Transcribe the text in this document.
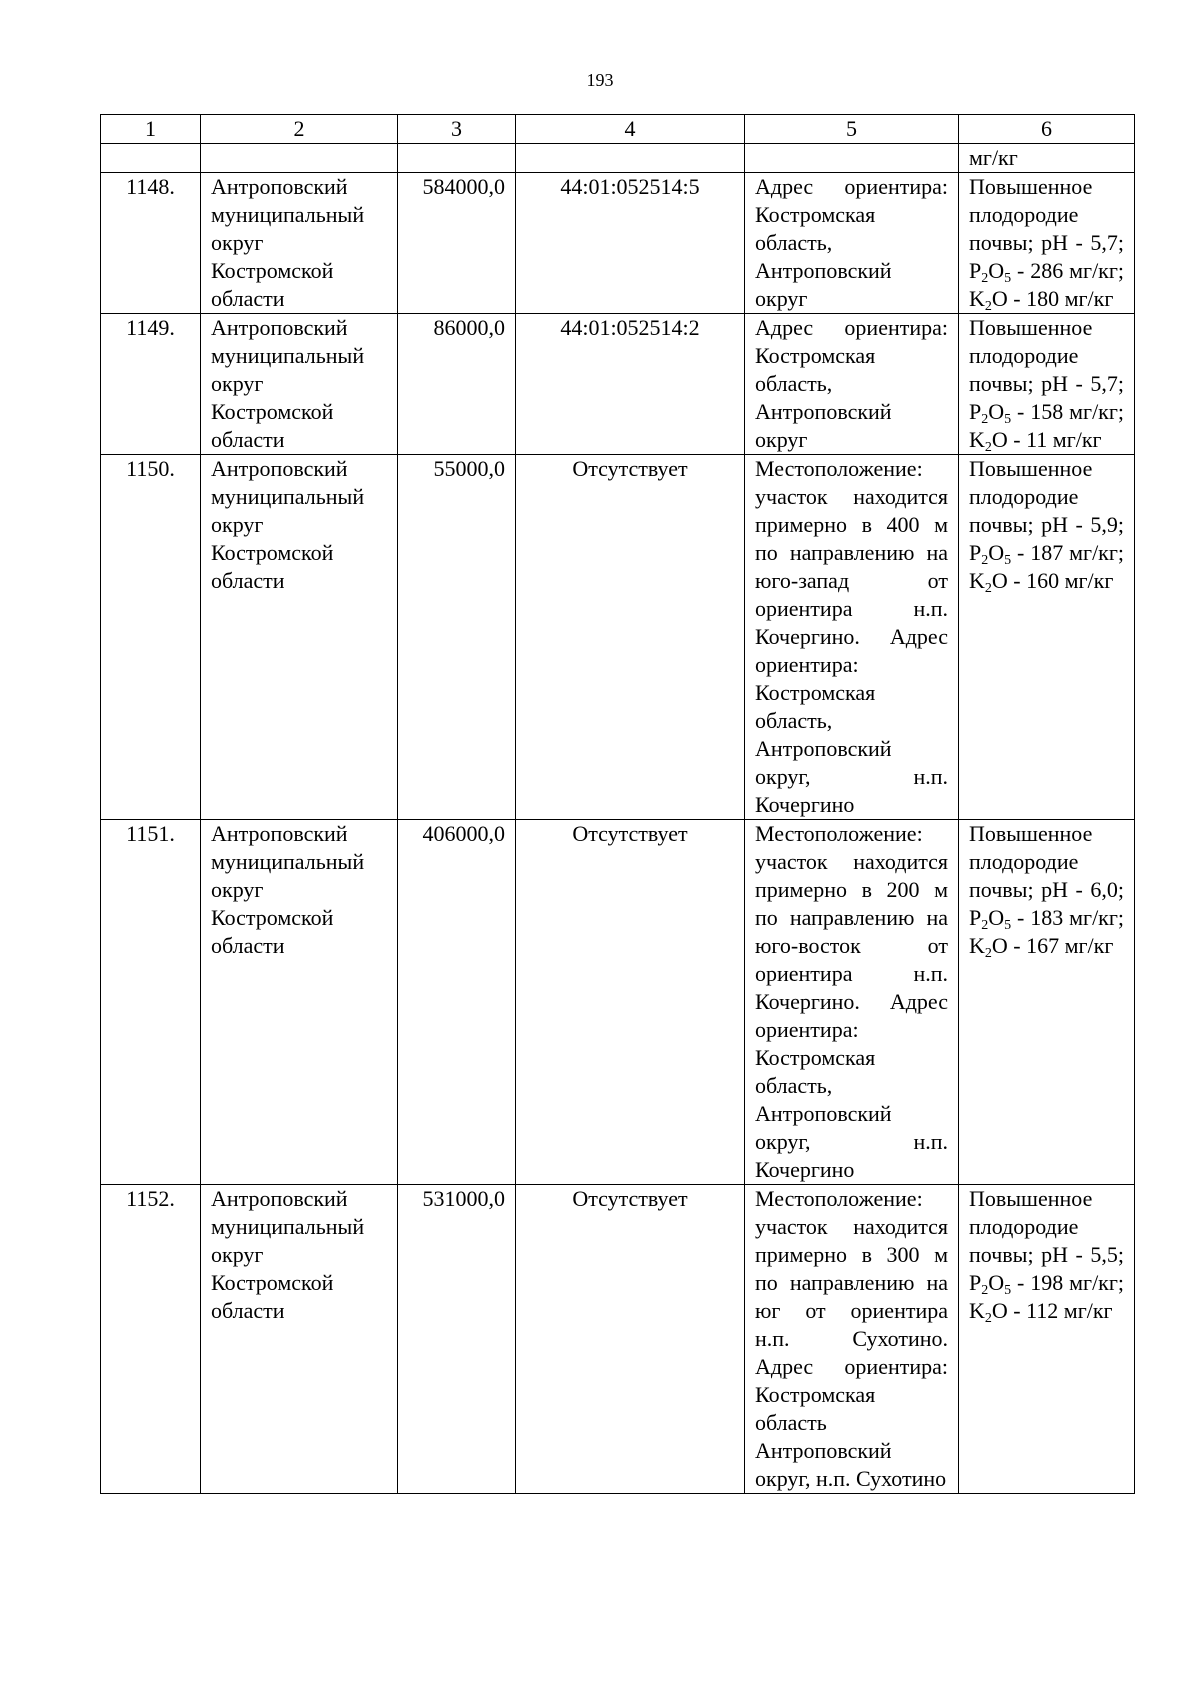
193
1	2	3	4	5	6
					мг/кг
1148.	Антроповский муниципальный округ Костромской области	584000,0	44:01:052514:5	Адрес ориентира: Костромская область, Антроповский округ	Повышенное плодородие почвы; pH - 5,7; $P_2O_5 - 286$ мг/кг; $K_2O - 180$ мг/кг
1149.	Антроповский муниципальный округ Костромской области	86000,0	44:01:052514:2	Адрес ориентира: Костромская область, Антроповский округ	Повышенное плодородие почвы; pH - 5,7; $P_2O_5 - 158$ мг/кг; $K_2O - 11$ мг/кг
1150.	Антроповский муниципальный округ Костромской области	55000,0	Отсутствует	Местоположение: участок находится примерно в 400 м по направлению на юго-запад от ориентира н.п. Кочергино. Адрес ориентира: Костромская область, Антроповский округ, н.п. Кочергино	Повышенное плодородие почвы; pH - 5,9; $P_2O_5 - 187$ мг/кг; $K_2O - 160$ мг/кг
1151.	Антроповский муниципальный округ Костромской области	406000,0	Отсутствует	Местоположение: участок находится примерно в 200 м по направлению на юго-восток от ориентира н.п. Кочергино. Адрес ориентира: Костромская область, Антроповский округ, н.п. Кочергино	Повышенное плодородие почвы; pH - 6,0; $P_2O_5 - 183$ мг/кг; $K_2O - 167$ мг/кг
1152.	Антроповский муниципальный округ Костромской области	531000,0	Отсутствует	Местоположение: участок находится примерно в 300 м по направлению на юг от ориентира н.п. Сухотино. Адрес ориентира: Костромская область Антроповский округ, н.п. Сухотино	Повышенное плодородие почвы; pH - 5,5; $P_2O_5 - 198$ мг/кг; $K_2O - 112$ мг/кг
